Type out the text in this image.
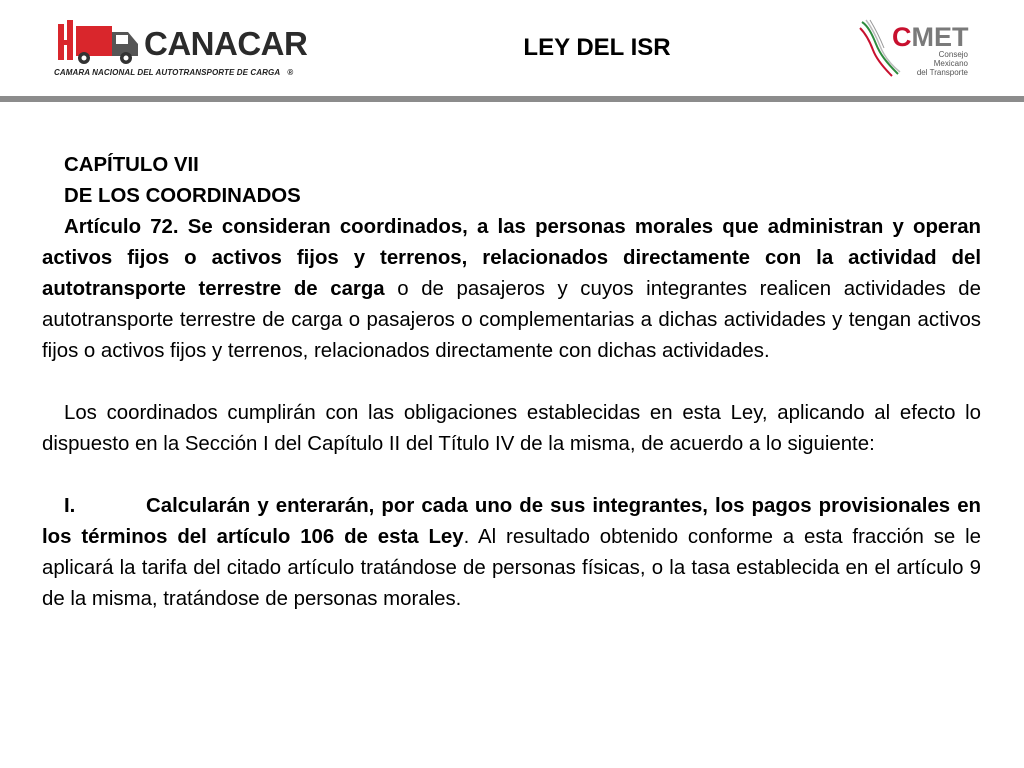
CANACAR
CAMARA NACIONAL DEL AUTOTRANSPORTE DE CARGA ®
LEY DEL ISR	CMET
Consejo
Mexicano
del Transporte

CAPÍTULO VII

DE LOS COORDINADOS

Artículo 72. Se consideran coordinados, a las personas morales que administran y operan activos fijos o activos fijos y terrenos, relacionados directamente con la actividad del autotransporte terrestre de carga o de pasajeros y cuyos integrantes realicen actividades de autotransporte terrestre de carga o pasajeros o complementarias a dichas actividades y tengan activos fijos o activos fijos y terrenos, relacionados directamente con dichas actividades.

Los coordinados cumplirán con las obligaciones establecidas en esta Ley, aplicando al efecto lo dispuesto en la Sección I del Capítulo II del Título IV de la misma, de acuerdo a lo siguiente:

I.	Calcularán y enterarán, por cada uno de sus integrantes, los pagos provisionales en los términos del artículo 106 de esta Ley. Al resultado obtenido conforme a esta fracción se le aplicará la tarifa del citado artículo tratándose de personas físicas, o la tasa establecida en el artículo 9 de la misma, tratándose de personas morales.
